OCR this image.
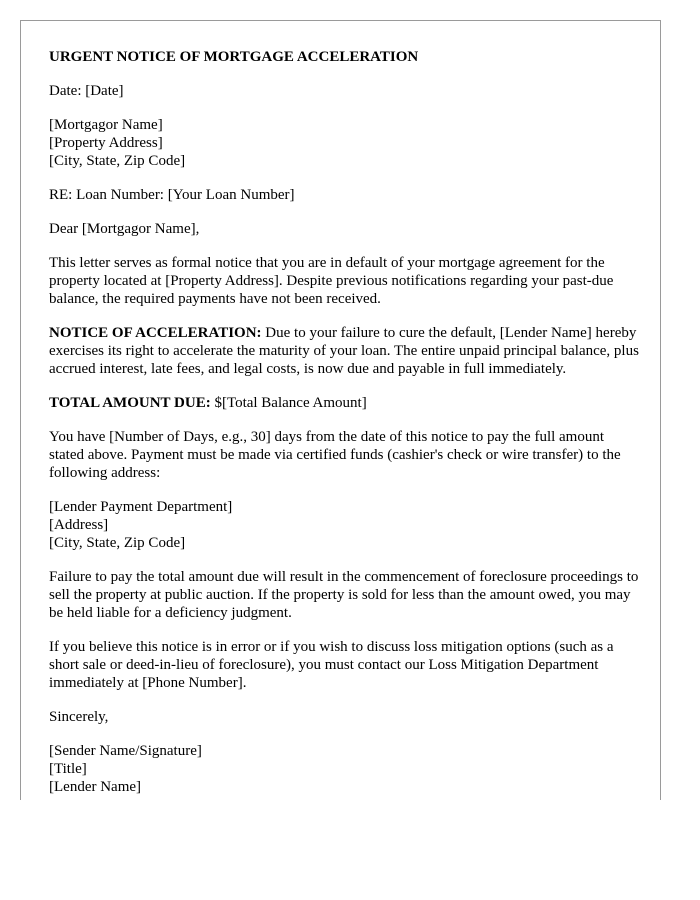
URGENT NOTICE OF MORTGAGE ACCELERATION

Date: [Date]

[Mortgagor Name]
[Property Address]
[City, State, Zip Code]

RE: Loan Number: [Your Loan Number]

Dear [Mortgagor Name],

This letter serves as formal notice that you are in default of your mortgage agreement for the property located at [Property Address]. Despite previous notifications regarding your past-due balance, the required payments have not been received.

NOTICE OF ACCELERATION: Due to your failure to cure the default, [Lender Name] hereby exercises its right to accelerate the maturity of your loan. The entire unpaid principal balance, plus accrued interest, late fees, and legal costs, is now due and payable in full immediately.

TOTAL AMOUNT DUE: $[Total Balance Amount]

You have [Number of Days, e.g., 30] days from the date of this notice to pay the full amount stated above. Payment must be made via certified funds (cashier's check or wire transfer) to the following address:

[Lender Payment Department]
[Address]
[City, State, Zip Code]

Failure to pay the total amount due will result in the commencement of foreclosure proceedings to sell the property at public auction. If the property is sold for less than the amount owed, you may be held liable for a deficiency judgment.

If you believe this notice is in error or if you wish to discuss loss mitigation options (such as a short sale or deed-in-lieu of foreclosure), you must contact our Loss Mitigation Department immediately at [Phone Number].

Sincerely,

[Sender Name/Signature]
[Title]
[Lender Name]
